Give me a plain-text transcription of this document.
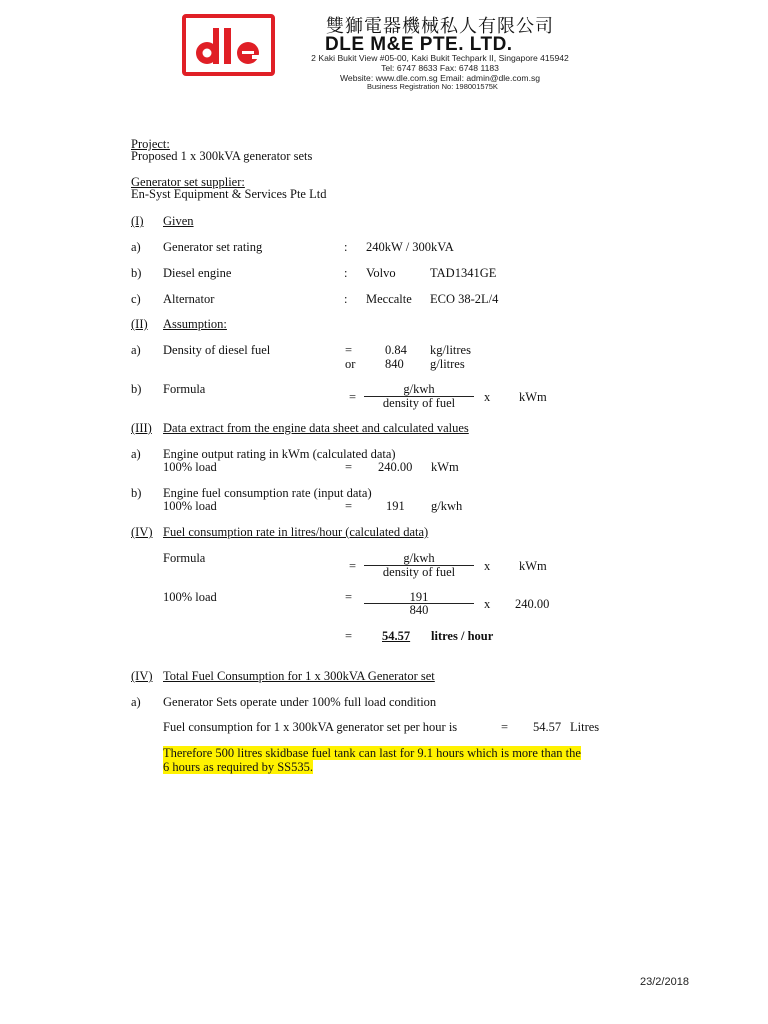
雙獅電器機械私人有限公司
DLE M&E PTE. LTD.
2 Kaki Bukit View #05-00, Kaki Bukit Techpark II, Singapore 415942
Tel: 6747 8633 Fax: 6748 1183
Website: www.dle.com.sg Email: admin@dle.com.sg
Business Registration No: 198001575K
Project:
Proposed 1 x 300kVA generator sets
Generator set supplier:
En-Syst Equipment & Services Pte Ltd
(I) Given
a) Generator set rating	: 240kW / 300kVA
b) Diesel engine	: Volvo	TAD1341GE
c) Alternator	: Meccalte ECO 38-2L/4
(II) Assumption:
a) Density of diesel fuel	=	0.84 kg/litres
or 840 g/litres
b) Formula
=
g/kwh
density of fuel	x kWm
(III) Data extract from the engine data sheet and calculated values
a) Engine output rating in kWm (calculated data)
100% load	= 240.00 kWm
b) Engine fuel consumption rate (input data)
100% load	=	191 g/kwh
(IV) Fuel consumption rate in litres/hour (calculated data)
Formula
=
g/kwh
density of fuel	x kWm
100% load	=	191
840	x 240.00
= 54.57 litres / hour
(IV) Total Fuel Consumption for 1 x 300kVA Generator set
a) Generator Sets operate under 100% full load condition
Fuel consumption for 1 x 300kVA generator set per hour is	= 54.57 Litres
Therefore 500 litres skidbase fuel tank can last for 9.1 hours which is more than the
6 hours as required by SS535.
23/2/2018
